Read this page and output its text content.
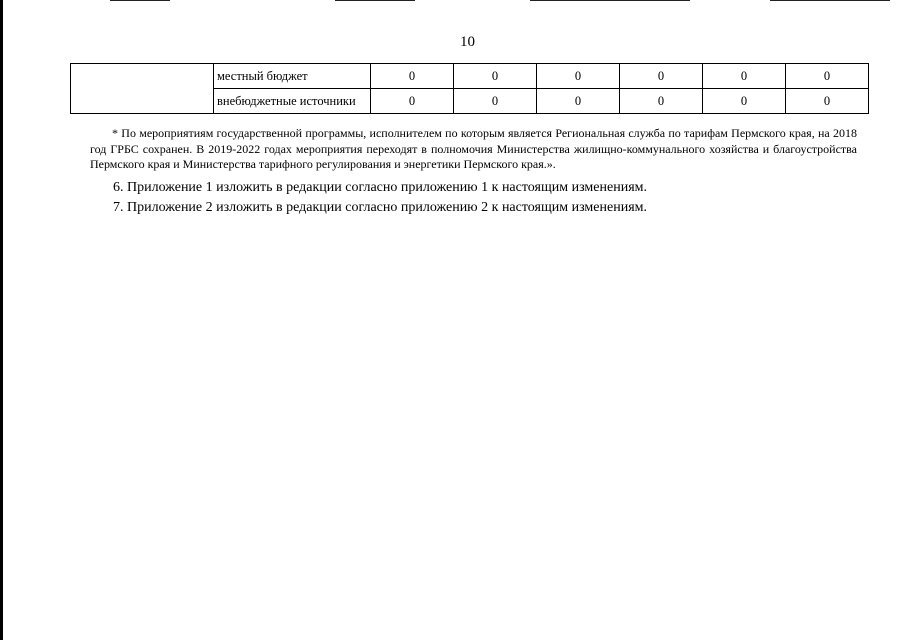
10
	местный бюджет	0	0	0	0	0	0
	внебюджетные источники	0	0	0	0	0	0

* По мероприятиям государственной программы, исполнителем по которым является Региональная служба по тарифам Пермского края, на 2018 год ГРБС сохранен. В 2019-2022 годах мероприятия переходят в полномочия Министерства жилищно-коммунального хозяйства и благоустройства Пермского края и Министерства тарифного регулирования и энергетики Пермского края.».

6. Приложение 1 изложить в редакции согласно приложению 1 к настоящим изменениям.

7. Приложение 2 изложить в редакции согласно приложению 2 к настоящим изменениям.
